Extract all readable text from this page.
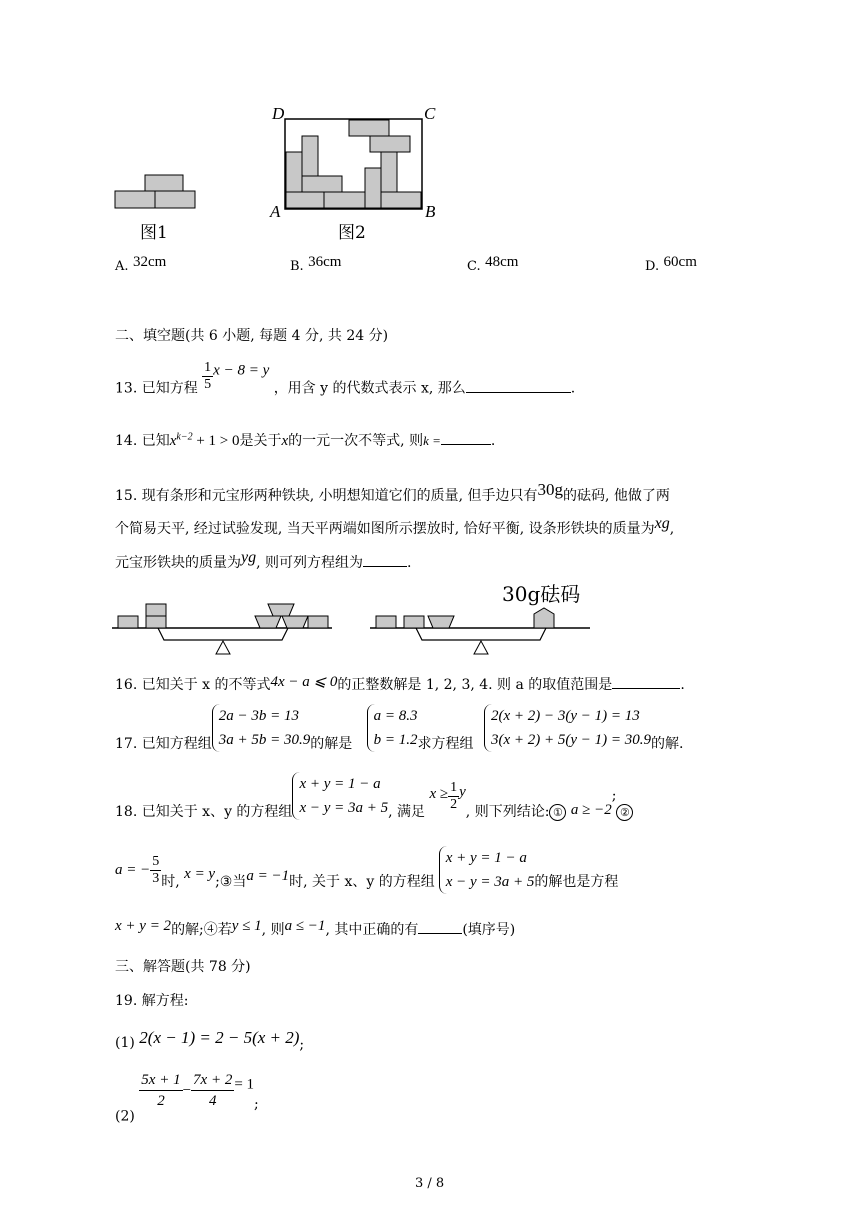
图1
D	C
A	B
图2
A. 32cm	B. 36cm	C. 48cm	D. 60cm
二、填空题(共 6 小题, 每题 4 分, 共 24 分)
13. 已知方程 $\frac{1}{5}$ x − 8 = y ，用含 y 的代数式表示 x, 那么	.
14. 已知$x^{k-2} + 1 > 0$是关于x的一元一次不等式, 则k =	.
15. 现有条形和元宝形两种铁块, 小明想知道它们的质量, 但手边只有30g的砝码, 他做了两
个简易天平, 经过试验发现, 当天平两端如图所示摆放时, 恰好平衡, 设条形铁块的质量为xg,
元宝形铁块的质量为yg, 则可列方程组为	.
30g砝码
16. 已知关于 x 的不等式4x − a ⩽ 0的正整数解是 1, 2, 3, 4. 则 a 的取值范围是	.
17. 已知方程组
2a − 3b = 13
3a + 5b = 30.9 的解是
a = 8.3
b = 1.2 求方程组
2(x + 2) − 3(y − 1) = 13
3(x + 2) + 5(y − 1) = 30.9 的解.
18. 已知关于 x、y 的方程组
x + y = 1 − a
x − y = 3a + 5 , 满足 $x \ge \frac{1}{2} y$, 则下列结论: ① a ≥ −2;②
a = − $\frac{5}{3}$ 时, x = y;③当a = −1时, 关于 x、y 的方程组
x + y = 1 − a
x − y = 3a + 5 的解也是方程
x + y = 2的解;④若y ≤ 1, 则a ≤ −1, 其中正确的有	(填序号)
三、解答题(共 78 分)
19. 解方程:
(1) 2(x − 1) = 2 − 5(x + 2);
(2)
$\frac{5x + 1}{2} - \frac{7x + 2}{4} = 1$;
3 / 8
